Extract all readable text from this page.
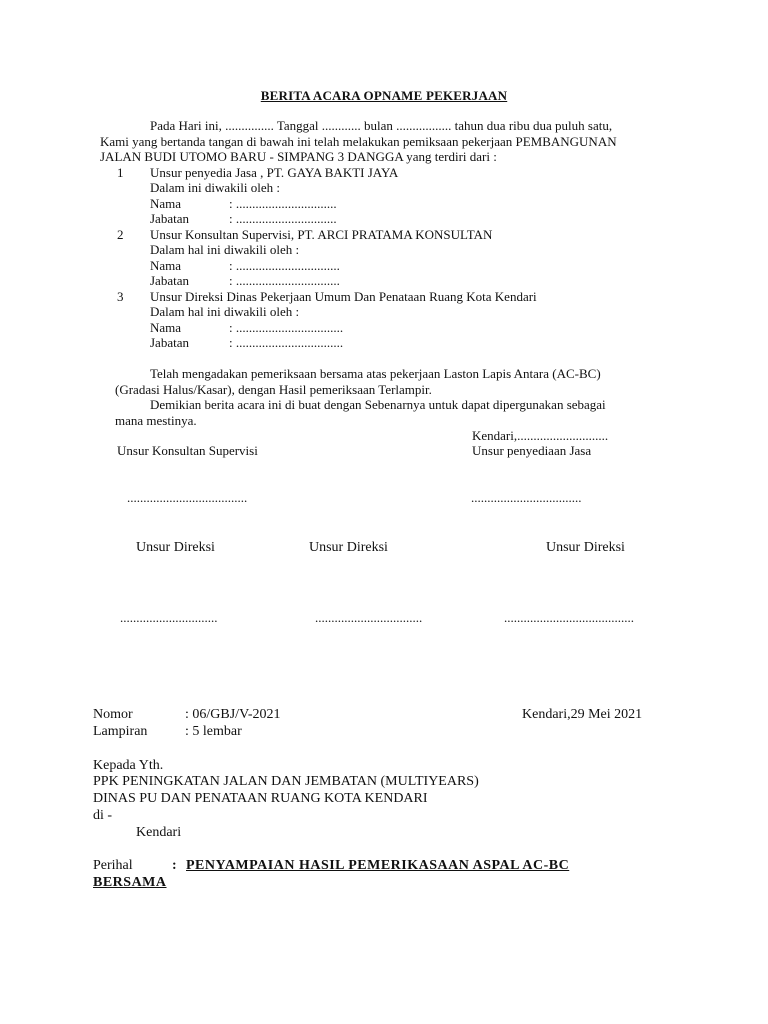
BERITA ACARA OPNAME PEKERJAAN
Pada Hari ini, ............... Tanggal ............ bulan ................. tahun dua ribu dua puluh satu,
Kami yang bertanda tangan di bawah ini telah melakukan pemiksaan pekerjaan PEMBANGUNAN
JALAN BUDI UTOMO BARU - SIMPANG 3 DANGGA yang terdiri dari :
1 Unsur penyedia Jasa , PT. GAYA BAKTI JAYA
Dalam ini diwakili oleh :
Nama	: ...............................
Jabatan	: ...............................
2 Unsur Konsultan Supervisi, PT. ARCI PRATAMA KONSULTAN
Dalam hal ini diwakili oleh :
Nama	: ................................
Jabatan	: ................................
3 Unsur Direksi Dinas Pekerjaan Umum Dan Penataan Ruang Kota Kendari
Dalam hal ini diwakili oleh :
Nama	: .................................
Jabatan	: .................................
Telah mengadakan pemeriksaan bersama atas pekerjaan Laston Lapis Antara (AC-BC)
(Gradasi Halus/Kasar), dengan Hasil pemeriksaan Terlampir.
Demikian berita acara ini di buat dengan Sebenarnya untuk dapat dipergunakan sebagai
mana mestinya.
Kendari,............................
Unsur Konsultan Supervisi	Unsur penyediaan Jasa
.....................................	..................................
Unsur Direksi	Unsur Direksi	Unsur Direksi
..............................	.................................	........................................
Nomor	: 06/GBJ/V-2021	Kendari,29 Mei 2021
Lampiran	: 5 lembar
Kepada Yth.
PPK PENINGKATAN JALAN DAN JEMBATAN (MULTIYEARS)
DINAS PU DAN PENATAAN RUANG KOTA KENDARI
di -
Kendari
Perihal	: PENYAMPAIAN HASIL PEMERIKASAAN ASPAL AC-BC
BERSAMA
